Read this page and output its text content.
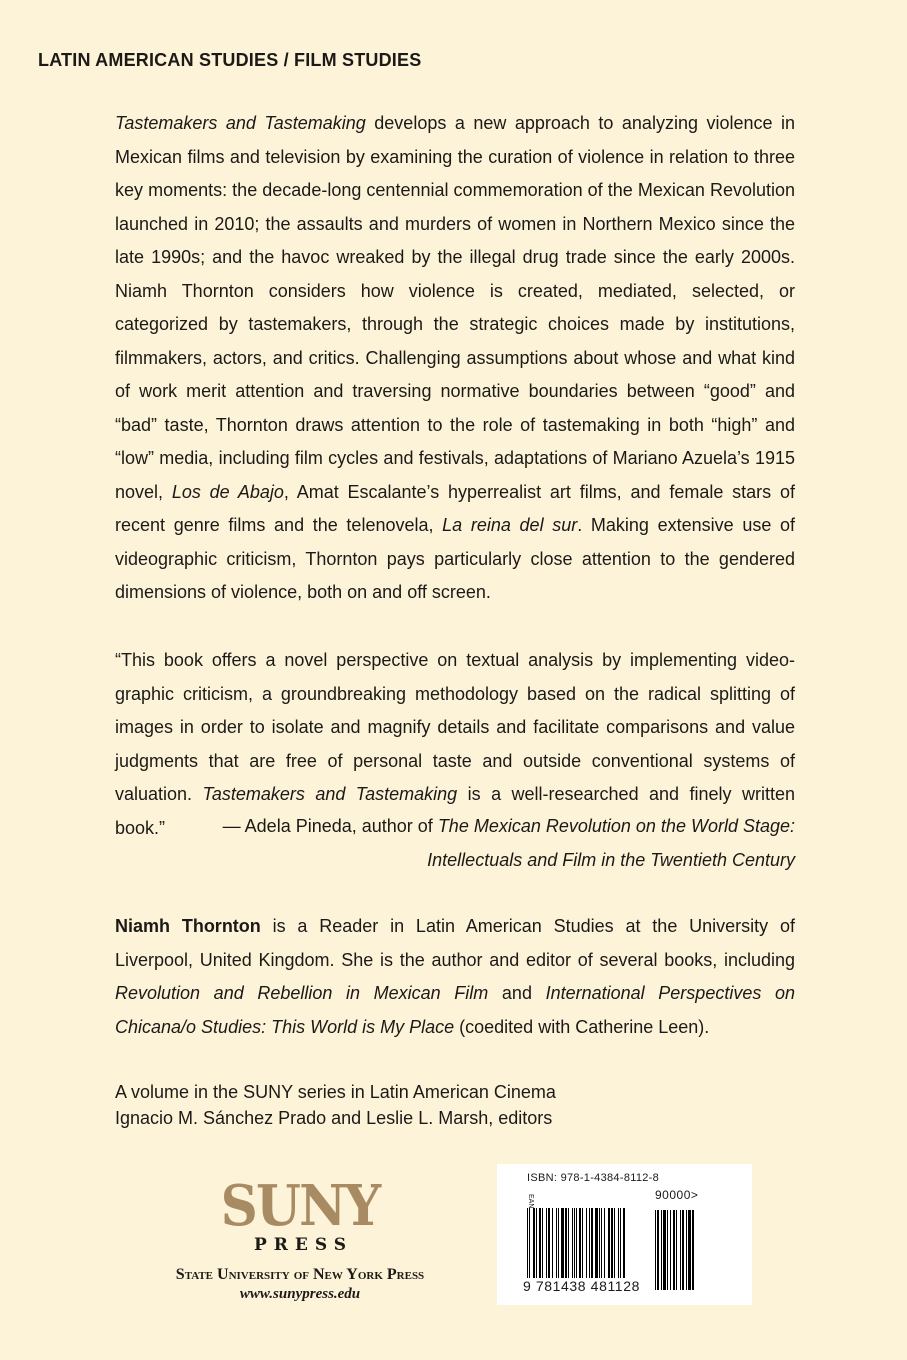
LATIN AMERICAN STUDIES / FILM STUDIES

Tastemakers and Tastemaking develops a new approach to analyzing violence in Mexican films and television by examining the curation of violence in relation to three key moments: the decade-long centennial commemoration of the Mexican Revolution launched in 2010; the assaults and murders of women in Northern Mexico since the late 1990s; and the havoc wreaked by the illegal drug trade since the early 2000s. Niamh Thornton considers how violence is created, mediated, selected, or categorized by tastemakers, through the strategic choices made by institutions, filmmakers, actors, and critics. Challenging assumptions about whose and what kind of work merit attention and traversing normative boundaries between “good” and “bad” taste, Thornton draws attention to the role of tastemaking in both “high” and “low” media, including film cycles and festivals, adaptations of Mariano Azuela’s 1915 novel, Los de Abajo, Amat Escalante’s hyperrealist art films, and female stars of recent genre films and the telenovela, La reina del sur. Making extensive use of videographic criticism, Thornton pays particularly close attention to the gendered dimensions of violence, both on and off screen.

“This book offers a novel perspective on textual analysis by implementing videographic criticism, a groundbreaking methodology based on the radical splitting of images in order to isolate and magnify details and facilitate comparisons and value judgments that are free of personal taste and outside conventional systems of valuation. Tastemakers and Tastemaking is a well-researched and finely written book.”	— Adela Pineda, author of The Mexican Revolution on the World Stage:
Intellectuals and Film in the Twentieth Century
Niamh Thornton is a Reader in Latin American Studies at the University of Liverpool, United Kingdom. She is the author and editor of several books, including Revolution and Rebellion in Mexican Film and International Perspectives on Chicana/o Studies: This World is My Place (coedited with Catherine Leen).
A volume in the SUNY series in Latin American Cinema
Ignacio M. Sánchez Prado and Leslie L. Marsh, editors
SUNY
PRESS
State University of New York Press
www.sunypress.edu
ISBN: 978-1-4384-8112-8
EAN	90000>
9 781438 481128
